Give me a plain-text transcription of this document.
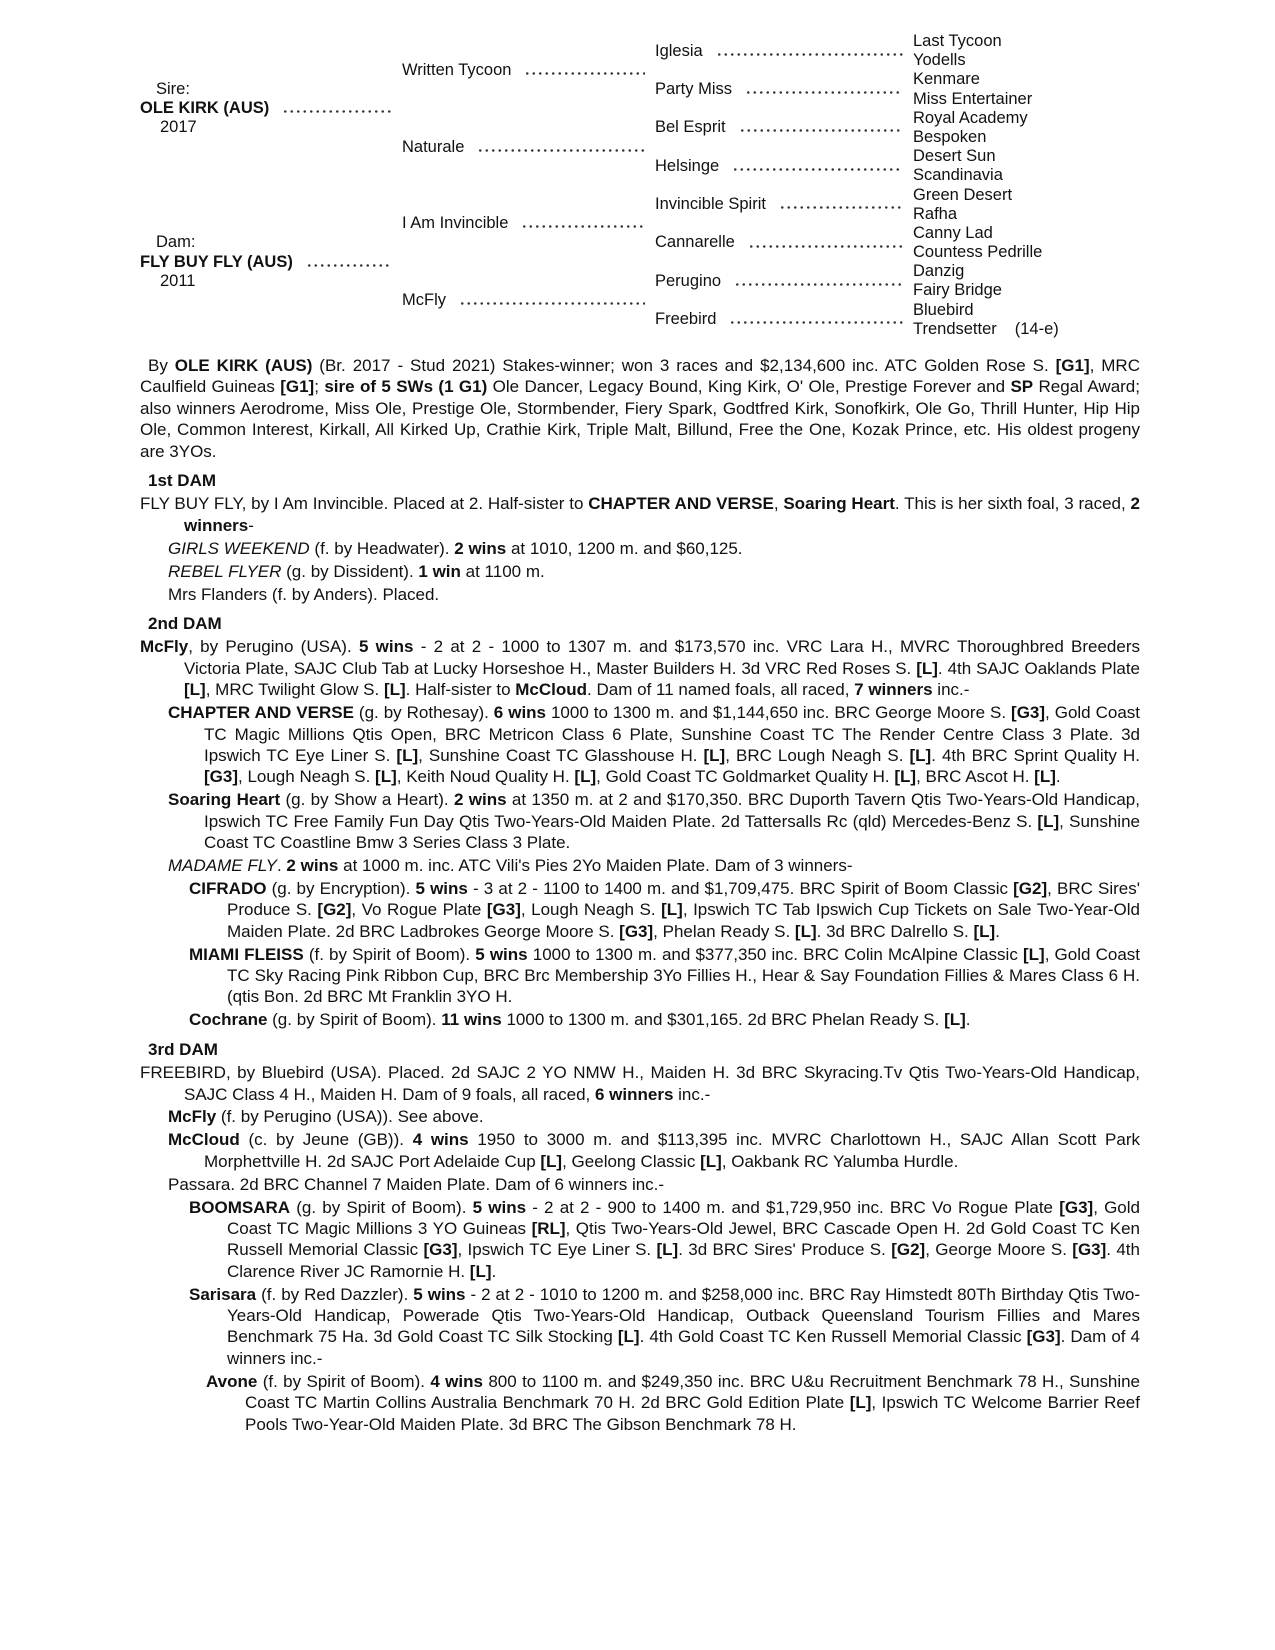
Sire:
OLE KIRK (AUS)
2017
Dam:
FLY BUY FLY (AUS)
2011
Written Tycoon
Naturale
I Am Invincible
McFly
Iglesia
Party Miss
Bel Esprit
Helsinge
Invincible Spirit
Cannarelle
Perugino
Freebird
Last Tycoon
Yodells
Kenmare
Miss Entertainer
Royal Academy
Bespoken
Desert Sun
Scandinavia
Green Desert
Rafha
Canny Lad
Countess Pedrille
Danzig
Fairy Bridge
Bluebird
Trendsetter (14-e)

By OLE KIRK (AUS) (Br. 2017 - Stud 2021) Stakes-winner; won 3 races and $2,134,600 inc. ATC Golden Rose S. [G1], MRC Caulfield Guineas [G1]; sire of 5 SWs (1 G1) Ole Dancer, Legacy Bound, King Kirk, O' Ole, Prestige Forever and SP Regal Award; also winners Aerodrome, Miss Ole, Prestige Ole, Stormbender, Fiery Spark, Godtfred Kirk, Sonofkirk, Ole Go, Thrill Hunter, Hip Hip Ole, Common Interest, Kirkall, All Kirked Up, Crathie Kirk, Triple Malt, Billund, Free the One, Kozak Prince, etc. His oldest progeny are 3YOs.

1st DAM

FLY BUY FLY, by I Am Invincible. Placed at 2. Half-sister to CHAPTER AND VERSE, Soaring Heart. This is her sixth foal, 3 raced, 2 winners-

GIRLS WEEKEND (f. by Headwater). 2 wins at 1010, 1200 m. and $60,125.

REBEL FLYER (g. by Dissident). 1 win at 1100 m.

Mrs Flanders (f. by Anders). Placed.

2nd DAM

McFly, by Perugino (USA). 5 wins - 2 at 2 - 1000 to 1307 m. and $173,570 inc. VRC Lara H., MVRC Thoroughbred Breeders Victoria Plate, SAJC Club Tab at Lucky Horseshoe H., Master Builders H. 3d VRC Red Roses S. [L]. 4th SAJC Oaklands Plate [L], MRC Twilight Glow S. [L]. Half-sister to McCloud. Dam of 11 named foals, all raced, 7 winners inc.-

CHAPTER AND VERSE (g. by Rothesay). 6 wins 1000 to 1300 m. and $1,144,650 inc. BRC George Moore S. [G3], Gold Coast TC Magic Millions Qtis Open, BRC Metricon Class 6 Plate, Sunshine Coast TC The Render Centre Class 3 Plate. 3d Ipswich TC Eye Liner S. [L], Sunshine Coast TC Glasshouse H. [L], BRC Lough Neagh S. [L]. 4th BRC Sprint Quality H. [G3], Lough Neagh S. [L], Keith Noud Quality H. [L], Gold Coast TC Goldmarket Quality H. [L], BRC Ascot H. [L].

Soaring Heart (g. by Show a Heart). 2 wins at 1350 m. at 2 and $170,350. BRC Duporth Tavern Qtis Two-Years-Old Handicap, Ipswich TC Free Family Fun Day Qtis Two-Years-Old Maiden Plate. 2d Tattersalls Rc (qld) Mercedes-Benz S. [L], Sunshine Coast TC Coastline Bmw 3 Series Class 3 Plate.

MADAME FLY. 2 wins at 1000 m. inc. ATC Vili's Pies 2Yo Maiden Plate. Dam of 3 winners-

CIFRADO (g. by Encryption). 5 wins - 3 at 2 - 1100 to 1400 m. and $1,709,475. BRC Spirit of Boom Classic [G2], BRC Sires' Produce S. [G2], Vo Rogue Plate [G3], Lough Neagh S. [L], Ipswich TC Tab Ipswich Cup Tickets on Sale Two-Year-Old Maiden Plate. 2d BRC Ladbrokes George Moore S. [G3], Phelan Ready S. [L]. 3d BRC Dalrello S. [L].

MIAMI FLEISS (f. by Spirit of Boom). 5 wins 1000 to 1300 m. and $377,350 inc. BRC Colin McAlpine Classic [L], Gold Coast TC Sky Racing Pink Ribbon Cup, BRC Brc Membership 3Yo Fillies H., Hear & Say Foundation Fillies & Mares Class 6 H. (qtis Bon. 2d BRC Mt Franklin 3YO H.

Cochrane (g. by Spirit of Boom). 11 wins 1000 to 1300 m. and $301,165. 2d BRC Phelan Ready S. [L].

3rd DAM

FREEBIRD, by Bluebird (USA). Placed. 2d SAJC 2 YO NMW H., Maiden H. 3d BRC Skyracing.Tv Qtis Two-Years-Old Handicap, SAJC Class 4 H., Maiden H. Dam of 9 foals, all raced, 6 winners inc.-

McFly (f. by Perugino (USA)). See above.

McCloud (c. by Jeune (GB)). 4 wins 1950 to 3000 m. and $113,395 inc. MVRC Charlottown H., SAJC Allan Scott Park Morphettville H. 2d SAJC Port Adelaide Cup [L], Geelong Classic [L], Oakbank RC Yalumba Hurdle.

Passara. 2d BRC Channel 7 Maiden Plate. Dam of 6 winners inc.-

BOOMSARA (g. by Spirit of Boom). 5 wins - 2 at 2 - 900 to 1400 m. and $1,729,950 inc. BRC Vo Rogue Plate [G3], Gold Coast TC Magic Millions 3 YO Guineas [RL], Qtis Two-Years-Old Jewel, BRC Cascade Open H. 2d Gold Coast TC Ken Russell Memorial Classic [G3], Ipswich TC Eye Liner S. [L]. 3d BRC Sires' Produce S. [G2], George Moore S. [G3]. 4th Clarence River JC Ramornie H. [L].

Sarisara (f. by Red Dazzler). 5 wins - 2 at 2 - 1010 to 1200 m. and $258,000 inc. BRC Ray Himstedt 80Th Birthday Qtis Two-Years-Old Handicap, Powerade Qtis Two-Years-Old Handicap, Outback Queensland Tourism Fillies and Mares Benchmark 75 Ha. 3d Gold Coast TC Silk Stocking [L]. 4th Gold Coast TC Ken Russell Memorial Classic [G3]. Dam of 4 winners inc.-

Avone (f. by Spirit of Boom). 4 wins 800 to 1100 m. and $249,350 inc. BRC U&u Recruitment Benchmark 78 H., Sunshine Coast TC Martin Collins Australia Benchmark 70 H. 2d BRC Gold Edition Plate [L], Ipswich TC Welcome Barrier Reef Pools Two-Year-Old Maiden Plate. 3d BRC The Gibson Benchmark 78 H.
